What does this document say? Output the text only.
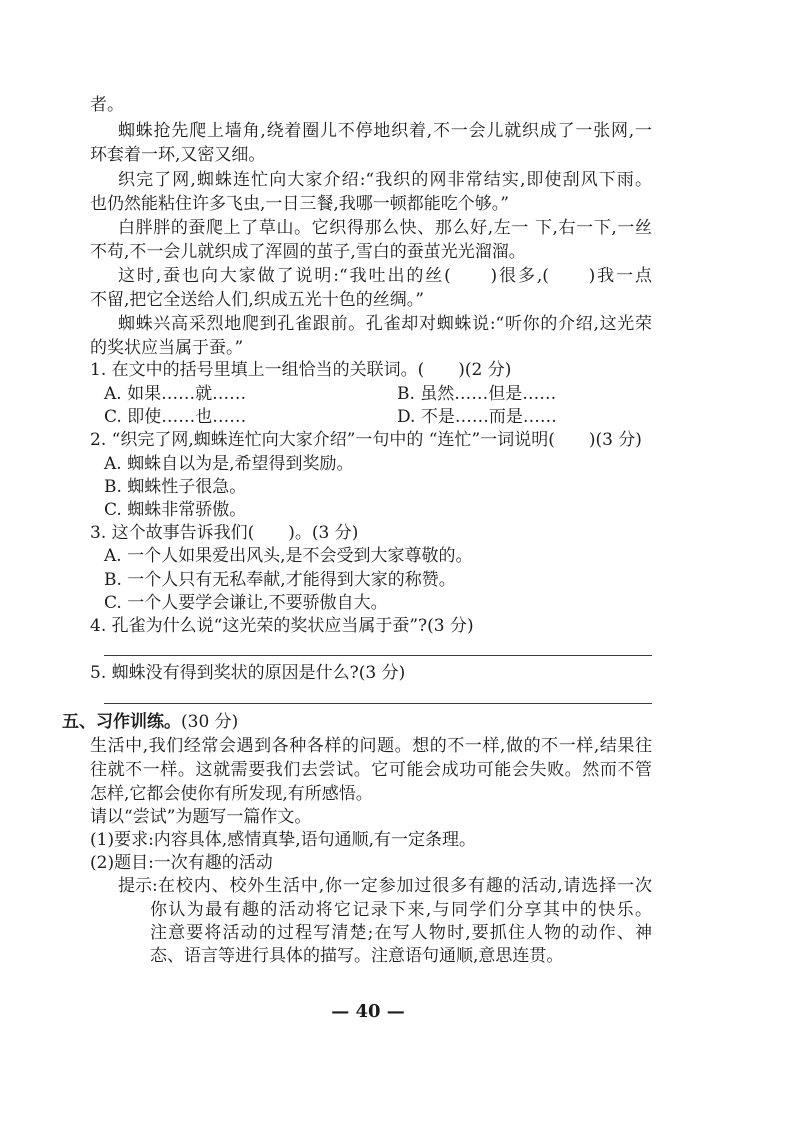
者。
蜘蛛抢先爬上墙角,绕着圈儿不停地织着,不一会儿就织成了一张网,一
环套着一环,又密又细。
织完了网,蜘蛛连忙向大家介绍:“我织的网非常结实,即使刮风下雨。
也仍然能粘住许多飞虫,一日三餐,我哪一顿都能吃个够。”
白胖胖的蚕爬上了草山。它织得那么快、那么好,左一 下,右一下,一丝
不苟,不一会儿就织成了浑圆的茧子,雪白的蚕茧光光溜溜。
这时,蚕也向大家做了说明:“我吐出的丝(　　)很多,(　　)我一点
不留,把它全送给人们,织成五光十色的丝绸。”
蜘蛛兴高采烈地爬到孔雀跟前。孔雀却对蜘蛛说:“听你的介绍,这光荣
的奖状应当属于蚕。”
1. 在文中的括号里填上一组恰当的关联词。(　　)(2 分)
A. 如果……就……	B. 虽然……但是……
C. 即使……也……	D. 不是……而是……
2. “织完了网,蜘蛛连忙向大家介绍”一句中的 “连忙”一词说明(　　)(3 分)
A. 蜘蛛自以为是,希望得到奖励。
B. 蜘蛛性子很急。
C. 蜘蛛非常骄傲。
3. 这个故事告诉我们(　　)。(3 分)
A. 一个人如果爱出风头,是不会受到大家尊敬的。
B. 一个人只有无私奉献,才能得到大家的称赞。
C. 一个人要学会谦让,不要骄傲自大。
4. 孔雀为什么说“这光荣的奖状应当属于蚕”?(3 分)
5. 蜘蛛没有得到奖状的原因是什么?(3 分)
五、习作训练。(30 分)
生活中,我们经常会遇到各种各样的问题。想的不一样,做的不一样,结果往
往就不一样。这就需要我们去尝试。它可能会成功可能会失败。然而不管
怎样,它都会使你有所发现,有所感悟。
请以“尝试”为题写一篇作文。
(1)要求:内容具体,感情真挚,语句通顺,有一定条理。
(2)题目:一次有趣的活动
提示: 在校内、校外生活中,你一定参加过很多有趣的活动,请选择一次
你认为最有趣的活动将它记录下来,与同学们分享其中的快乐。
注意要将活动的过程写清楚;在写人物时,要抓住人物的动作、神
态、语言等进行具体的描写。注意语句通顺,意思连贯。
— 40 —
